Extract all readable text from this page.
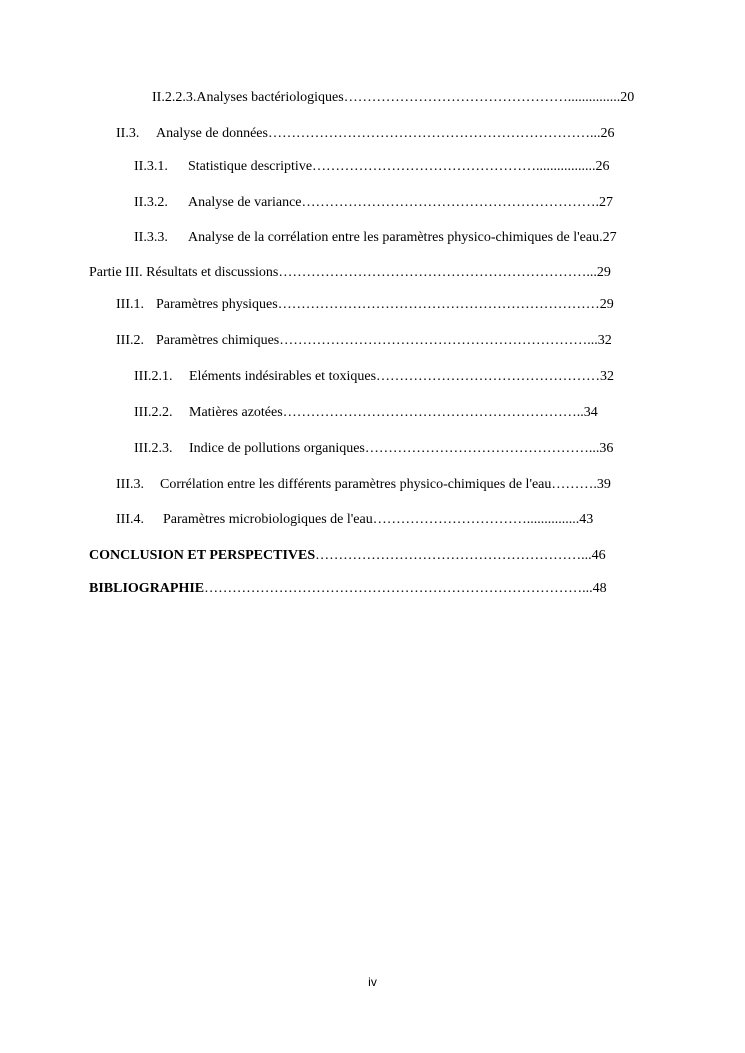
II.2.2.3.Analyses bactériologiques…………………………………………...............20
II.3. Analyse de données……………………………………………………………...26
II.3.1. Statistique descriptive………………………………………….................26
II.3.2. Analyse de variance……………………………………………………….27
II.3.3. Analyse de la corrélation entre les paramètres physico-chimiques de l'eau.27
Partie III. Résultats et discussions…………………………………………………………...29
III.1. Paramètres physiques……………………………………………………………29
III.2. Paramètres chimiques…………………………………………………………...32
III.2.1. Eléments indésirables et toxiques…………………………………………32
III.2.2. Matières azotées………………………………………………………..34
III.2.3. Indice de pollutions organiques…………………………………………...36
III.3. Corrélation entre les différents paramètres physico-chimiques de l'eau……….39
III.4. Paramètres microbiologiques de l'eau……………………………...............43
CONCLUSION ET PERSPECTIVES…………………………………………………...46
BIBLIOGRAPHIE………………………………………………………………………...48
iv
